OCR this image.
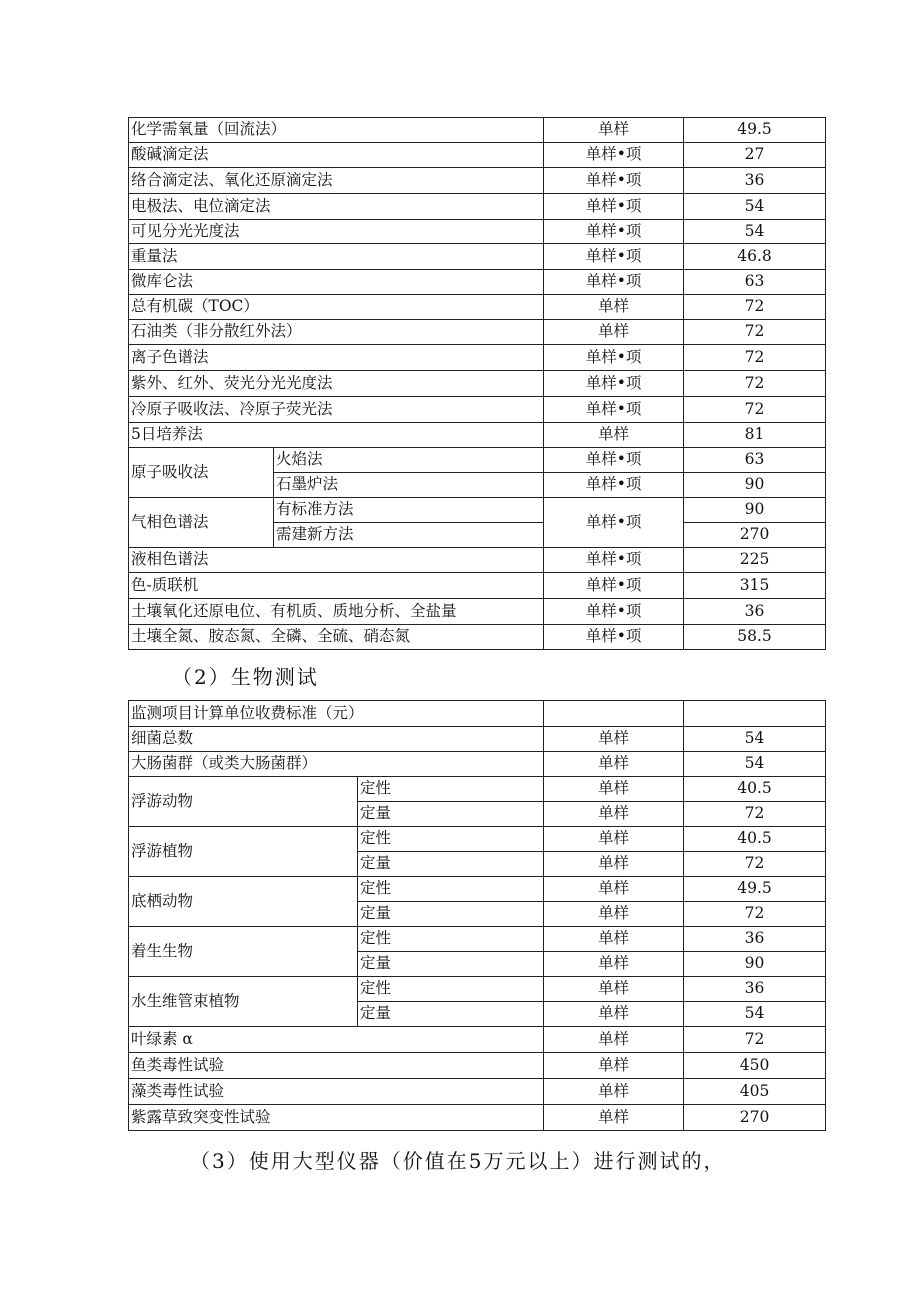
化学需氧量（回流法）		单样	49.5
酸碱滴定法		单样•项	27
络合滴定法、氧化还原滴定法		单样•项	36
电极法、电位滴定法		单样•项	54
可见分光光度法		单样•项	54
重量法		单样•项	46.8
微库仑法		单样•项	63
总有机碳（TOC）		单样	72
石油类（非分散红外法）		单样	72
离子色谱法		单样•项	72
紫外、红外、荧光分光光度法		单样•项	72
冷原子吸收法、冷原子荧光法		单样•项	72
5日培养法		单样	81
原子吸收法	火焰法	单样•项	63
	石墨炉法	单样•项	90
气相色谱法	有标准方法	单样•项	90
	需建新方法		270
液相色谱法		单样•项	225
色-质联机		单样•项	315
土壤氧化还原电位、有机质、质地分析、全盐量		单样•项	36
土壤全氮、胺态氮、全磷、全硫、硝态氮		单样•项	58.5
（2）生物测试
监测项目计算单位收费标准（元）			
细菌总数		单样	54
大肠菌群（或类大肠菌群）		单样	54
浮游动物	定性	单样	40.5
	定量	单样	72
浮游植物	定性	单样	40.5
	定量	单样	72
底栖动物	定性	单样	49.5
	定量	单样	72
着生生物	定性	单样	36
	定量	单样	90
水生维管束植物	定性	单样	36
	定量	单样	54
叶绿素 α		单样	72
鱼类毒性试验		单样	450
藻类毒性试验		单样	405
紫露草致突变性试验		单样	270
（3）使用大型仪器（价值在5万元以上）进行测试的，
